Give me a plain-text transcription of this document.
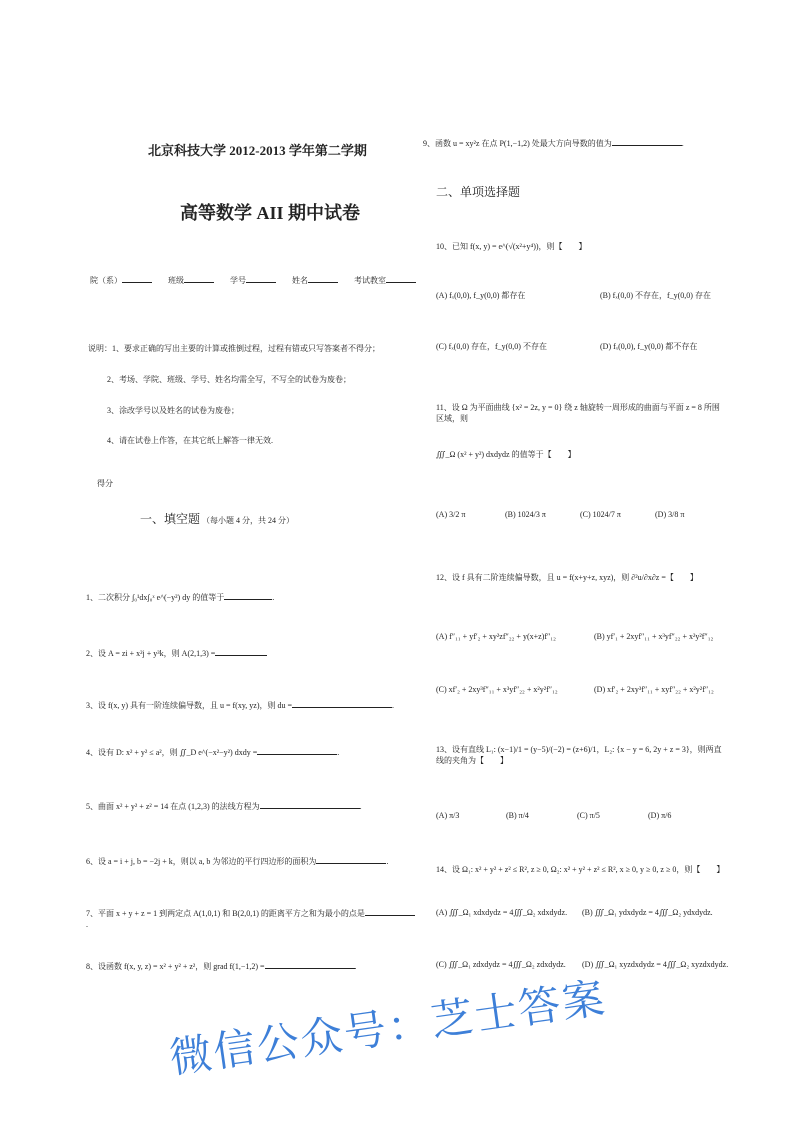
北京科技大学 2012-2013 学年第二学期
高等数学 AII 期中试卷
院（系）	班级	学号	姓名	考试教室
说明：1、要求正确的写出主要的计算或推倒过程，过程有错或只写答案者不得分；
2、考场、学院、班级、学号、姓名均需全写，不写全的试卷为废卷；
3、涂改学号以及姓名的试卷为废卷；
4、请在试卷上作答，在其它纸上解答一律无效.
得分
一、填空题 （每小题 4 分，共 24 分）
1、二次积分 ∫₀¹dx∫₀ˣ e^(−y²) dy 的值等于	.
2、设 A = zi + x²j + y³k，则 A(2,1,3) =
3、设 f(x, y) 具有一阶连续偏导数，且 u = f(xy, yz)，则 du =	.
4、设有 D: x² + y² ≤ a²，则 ∬_D e^(−x²−y²) dxdy =	.
5、曲面 x² + y² + z² = 14 在点 (1,2,3) 的法线方程为	.
6、设 a = i + j, b = −2j + k，则以 a, b 为邻边的平行四边形的面积为	.
7、平面 x + y + z = 1 到两定点 A(1,0,1) 和 B(2,0,1) 的距离平方之和为最小的点是.
8、设函数 f(x, y, z) = x² + y² + z²，则 grad f(1,−1,2) =	.
9、函数 u = xy²z 在点 P(1,−1,2) 处最大方向导数的值为	.
二、单项选择题
10、已知 f(x, y) = e^(√(x²+y⁴))，则【　　】
(A) fₓ(0,0), f_y(0,0) 都存在	(B) fₓ(0,0) 不存在，f_y(0,0) 存在
(C) fₓ(0,0) 存在，f_y(0,0) 不存在	(D) fₓ(0,0), f_y(0,0) 都不存在
11、设 Ω 为平面曲线 {x² = 2z, y = 0} 绕 z 轴旋转一周形成的曲面与平面 z = 8 所围区域，则
∭_Ω (x² + y²) dxdydz 的值等于【　　】
(A) 3/2 π	(B) 1024/3 π	(C) 1024/7 π	(D) 3/8 π
12、设 f 具有二阶连续偏导数，且 u = f(x+y+z, xyz)，则 ∂²u/∂x∂z =【　　】
(A) f″₁₁ + yf′₂ + xy²zf″₂₂ + y(x+z)f″₁₂	(B) yf′₁ + 2xyf″₁₁ + x³yf″₂₂ + x²y²f″₁₂
(C) xf′₂ + 2xy³f″₁₁ + x³yf″₂₂ + x²y²f″₁₂	(D) xf′₂ + 2xy³f″₁₁ + xyf″₂₂ + x²y²f″₁₂
13、设有直线 L₁: (x−1)/1 = (y−5)/(−2) = (z+6)/1，L₂: {x − y = 6, 2y + z = 3}，则两直线的夹角为【　　】
(A) π/3	(B) π/4	(C) π/5	(D) π/6
14、设 Ω₁: x² + y² + z² ≤ R², z ≥ 0, Ω₂: x² + y² + z² ≤ R², x ≥ 0, y ≥ 0, z ≥ 0，则【　　】
(A) ∭_Ω₁ xdxdydz = 4∭_Ω₂ xdxdydz.	(B) ∭_Ω₁ ydxdydz = 4∭_Ω₂ ydxdydz.
(C) ∭_Ω₁ zdxdydz = 4∭_Ω₂ zdxdydz.	(D) ∭_Ω₁ xyzdxdydz = 4∭_Ω₂ xyzdxdydz.
微信公众号：芝士答案
